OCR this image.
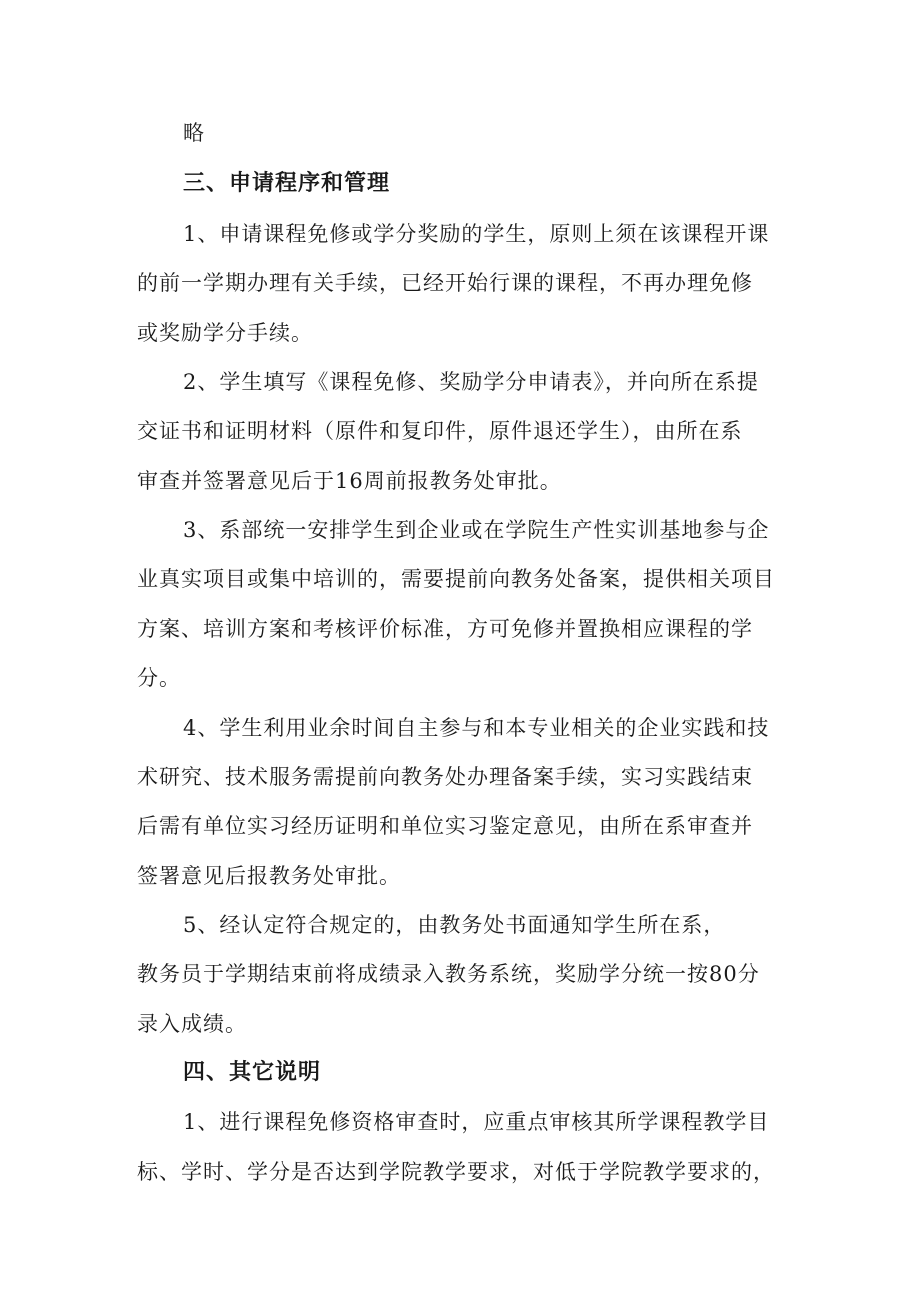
略
三、申请程序和管理
1、申请课程免修或学分奖励的学生，原则上须在该课程开课
的前一学期办理有关手续，已经开始行课的课程，不再办理免修
或奖励学分手续。
2、学生填写《课程免修、奖励学分申请表》，并向所在系提
交证书和证明材料（原件和复印件，原件退还学生），由所在系
审查并签署意见后于16周前报教务处审批。
3、系部统一安排学生到企业或在学院生产性实训基地参与企
业真实项目或集中培训的，需要提前向教务处备案，提供相关项目
方案、培训方案和考核评价标准，方可免修并置换相应课程的学
分。
4、学生利用业余时间自主参与和本专业相关的企业实践和技
术研究、技术服务需提前向教务处办理备案手续，实习实践结束
后需有单位实习经历证明和单位实习鉴定意见，由所在系审查并
签署意见后报教务处审批。
5、经认定符合规定的，由教务处书面通知学生所在系，
教务员于学期结束前将成绩录入教务系统，奖励学分统一按80分
录入成绩。
四、其它说明
1、进行课程免修资格审查时，应重点审核其所学课程教学目
标、学时、学分是否达到学院教学要求，对低于学院教学要求的，
